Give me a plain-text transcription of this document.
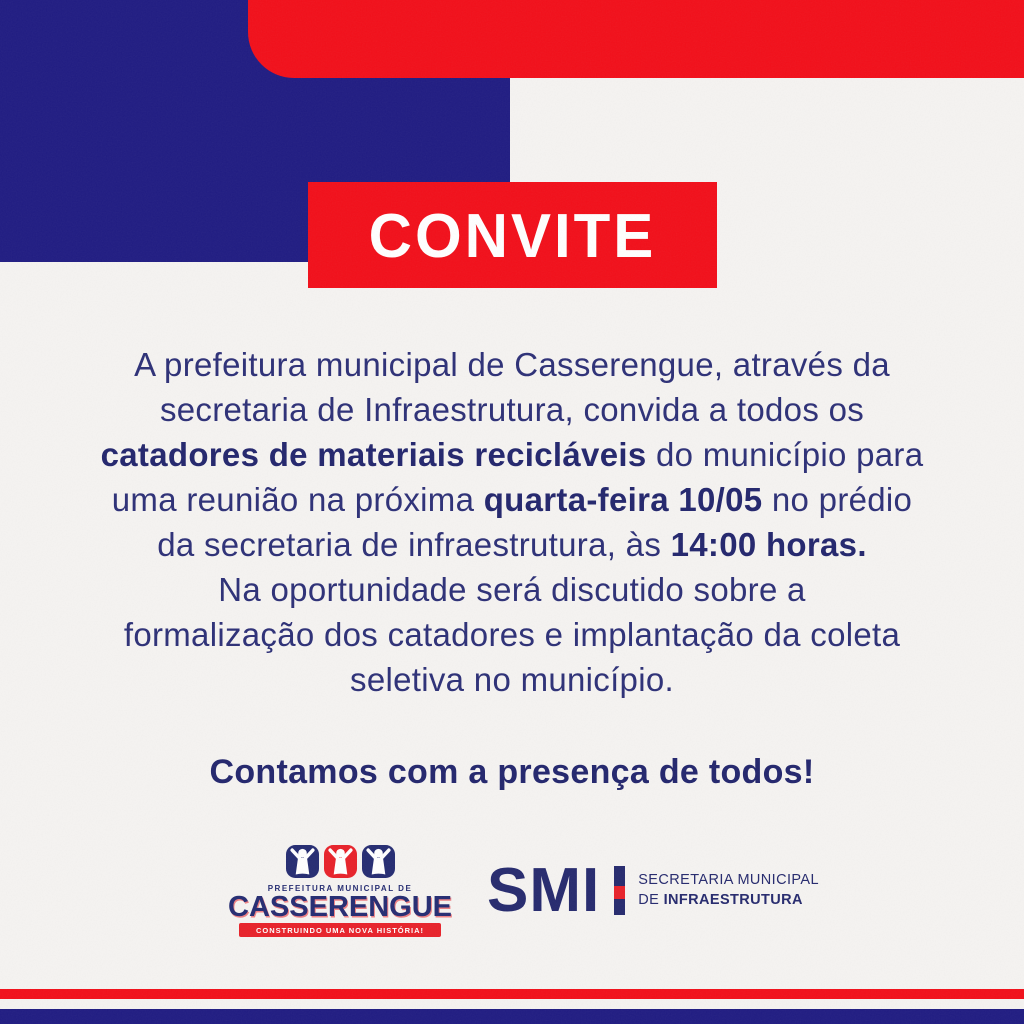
CONVITE
A prefeitura municipal de Casserengue, através da
secretaria de Infraestrutura, convida a todos os
catadores de materiais recicláveis do município para
uma reunião na próxima quarta-feira 10/05 no prédio
da secretaria de infraestrutura, às 14:00 horas.
Na oportunidade será discutido sobre a
formalização dos catadores e implantação da coleta
seletiva no município.
Contamos com a presença de todos!
PREFEITURA MUNICIPAL DE
CASSERENGUE
CONSTRUINDO UMA NOVA HISTÓRIA!
SMI	SECRETARIA MUNICIPAL
DE INFRAESTRUTURA
